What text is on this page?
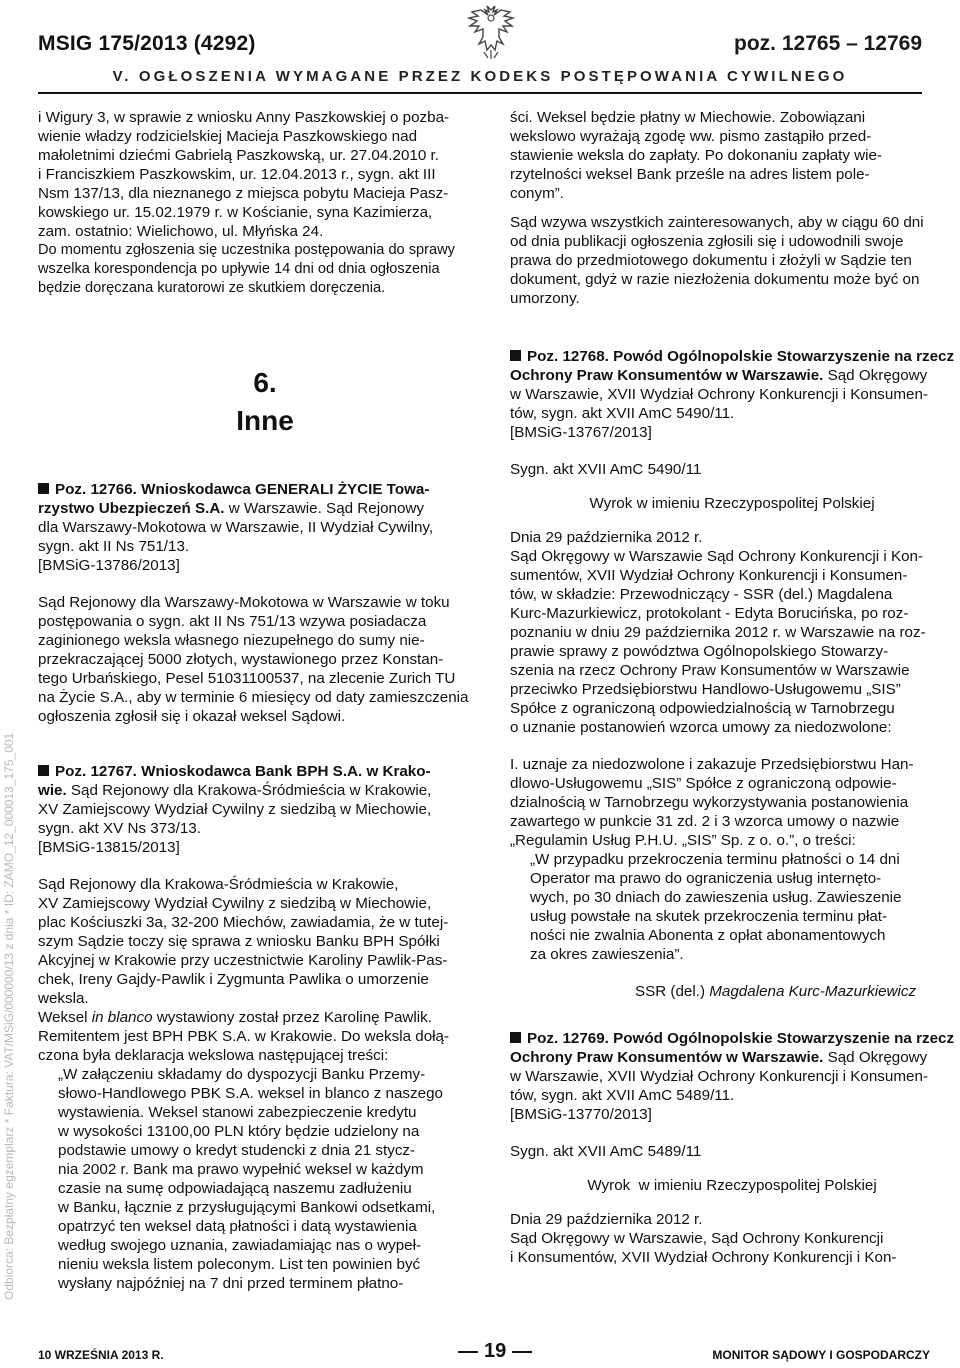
MSIG 175/2013 (4292)	poz. 12765 – 12769
V. OGŁOSZENIA WYMAGANE PRZEZ KODEKS POSTĘPOWANIA CYWILNEGO
Odbiorca: Bezpłatny egzemplarz * Faktura: VAT/MSiG/000000/13 z dnia * ID: ZAMO_12_000013_175_001

i Wigury 3, w sprawie z wniosku Anny Paszkowskiej o pozba-

wienie władzy rodzicielskiej Macieja Paszkowskiego nad

małoletnimi dziećmi Gabrielą Paszkowską, ur. 27.04.2010 r.

i Franciszkiem Paszkowskim, ur. 12.04.2013 r., sygn. akt III

Nsm 137/13, dla nieznanego z miejsca pobytu Macieja Pasz-

kowskiego ur. 15.02.1979 r. w Kościanie, syna Kazimierza,

zam. ostatnio: Wielichowo, ul. Młyńska 24.

Do momentu zgłoszenia się uczestnika postępowania do sprawy

wszelka korespondencja po upływie 14 dni od dnia ogłoszenia

będzie doręczana kuratorowi ze skutkiem doręczenia.

ści. Weksel będzie płatny w Miechowie. Zobowiązani

wekslowo wyrażają zgodę ww. pismo zastąpiło przed-

stawienie weksla do zapłaty. Po dokonaniu zapłaty wie-

rzytelności weksel Bank prześle na adres listem pole-

conym”.

Sąd wzywa wszystkich zainteresowanych, aby w ciągu 60 dni

od dnia publikacji ogłoszenia zgłosili się i udowodnili swoje

prawa do przedmiotowego dokumentu i złożyli w Sądzie ten

dokument, gdyż w razie niezłożenia dokumentu może być on

umorzony.

6.
Inne

Poz. 12766. Wnioskodawca GENERALI ŻYCIE Towa-

rzystwo Ubezpieczeń S.A. w Warszawie. Sąd Rejonowy

dla Warszawy-Mokotowa w Warszawie, II Wydział Cywilny,

sygn. akt II Ns 751/13.

[BMSiG-13786/2013]

Sąd Rejonowy dla Warszawy-Mokotowa w Warszawie w toku

postępowania o sygn. akt II Ns 751/13 wzywa posiadacza

zaginionego weksla własnego niezupełnego do sumy nie-

przekraczającej 5000 złotych, wystawionego przez Konstan-

tego Urbańskiego, Pesel 51031100537, na zlecenie Zurich TU

na Życie S.A., aby w terminie 6 miesięcy od daty zamieszczenia

ogłoszenia zgłosił się i okazał weksel Sądowi.

Poz. 12767. Wnioskodawca Bank BPH S.A. w Krako-

wie. Sąd Rejonowy dla Krakowa-Śródmieścia w Krakowie,

XV Zamiejscowy Wydział Cywilny z siedzibą w Miechowie,

sygn. akt XV Ns 373/13.

[BMSiG-13815/2013]

Sąd Rejonowy dla Krakowa-Śródmieścia w Krakowie,

XV Zamiejscowy Wydział Cywilny z siedzibą w Miechowie,

plac Kościuszki 3a, 32-200 Miechów, zawiadamia, że w tutej-

szym Sądzie toczy się sprawa z wniosku Banku BPH Spółki

Akcyjnej w Krakowie przy uczestnictwie Karoliny Pawlik-Pas-

chek, Ireny Gajdy-Pawlik i Zygmunta Pawlika o umorzenie

weksla.

Weksel in blanco wystawiony został przez Karolinę Pawlik.

Remitentem jest BPH PBK S.A. w Krakowie. Do weksla dołą-

czona była deklaracja wekslowa następującej treści:

„W załączeniu składamy do dyspozycji Banku Przemy-

słowo-Handlowego PBK S.A. weksel in blanco z naszego

wystawienia. Weksel stanowi zabezpieczenie kredytu

w wysokości 13100,00 PLN który będzie udzielony na

podstawie umowy o kredyt studencki z dnia 21 stycz-

nia 2002 r. Bank ma prawo wypełnić weksel w każdym

czasie na sumę odpowiadającą naszemu zadłużeniu

w Banku, łącznie z przysługującymi Bankowi odsetkami,

opatrzyć ten weksel datą płatności i datą wystawienia

według swojego uznania, zawiadamiając nas o wypeł-

nieniu weksla listem poleconym. List ten powinien być

wysłany najpóźniej na 7 dni przed terminem płatno-

Poz. 12768. Powód Ogólnopolskie Stowarzyszenie na rzecz

Ochrony Praw Konsumentów w Warszawie. Sąd Okręgowy

w Warszawie, XVII Wydział Ochrony Konkurencji i Konsumen-

tów, sygn. akt XVII AmC 5490/11.

[BMSiG-13767/2013]

Sygn. akt XVII AmC 5490/11

Wyrok w imieniu Rzeczypospolitej Polskiej

Dnia 29 października 2012 r.

Sąd Okręgowy w Warszawie Sąd Ochrony Konkurencji i Kon-

sumentów, XVII Wydział Ochrony Konkurencji i Konsumen-

tów, w składzie: Przewodniczący - SSR (del.) Magdalena

Kurc-Mazurkiewicz, protokolant - Edyta Borucińska, po roz-

poznaniu w dniu 29 października 2012 r. w Warszawie na roz-

prawie sprawy z powództwa Ogólnopolskiego Stowarzy-

szenia na rzecz Ochrony Praw Konsumentów w Warszawie

przeciwko Przedsiębiorstwu Handlowo-Usługowemu „SIS”

Spółce z ograniczoną odpowiedzialnością w Tarnobrzegu

o uznanie postanowień wzorca umowy za niedozwolone:

I. uznaje za niedozwolone i zakazuje Przedsiębiorstwu Han-

dlowo-Usługowemu „SIS” Spółce z ograniczoną odpowie-

dzialnością w Tarnobrzegu wykorzystywania postanowienia

zawartego w punkcie 31 zd. 2 i 3 wzorca umowy o nazwie

„Regulamin Usług P.H.U. „SIS” Sp. z o. o.”, o treści:

„W przypadku przekroczenia terminu płatności o 14 dni

Operator ma prawo do ograniczenia usług internęto-

wych, po 30 dniach do zawieszenia usług. Zawieszenie

usług powstałe na skutek przekroczenia terminu płat-

ności nie zwalnia Abonenta z opłat abonamentowych

za okres zawieszenia”.

SSR (del.) Magdalena Kurc-Mazurkiewicz

Poz. 12769. Powód Ogólnopolskie Stowarzyszenie na rzecz

Ochrony Praw Konsumentów w Warszawie. Sąd Okręgowy

w Warszawie, XVII Wydział Ochrony Konkurencji i Konsumen-

tów, sygn. akt XVII AmC 5489/11.

[BMSiG-13770/2013]

Sygn. akt XVII AmC 5489/11

Wyrok  w imieniu Rzeczypospolitej Polskiej

Dnia 29 października 2012 r.

Sąd Okręgowy w Warszawie, Sąd Ochrony Konkurencji

i Konsumentów, XVII Wydział Ochrony Konkurencji i Kon-

10 WRZEŚNIA 2013 R.	19	MONITOR SĄDOWY I GOSPODARCZY
